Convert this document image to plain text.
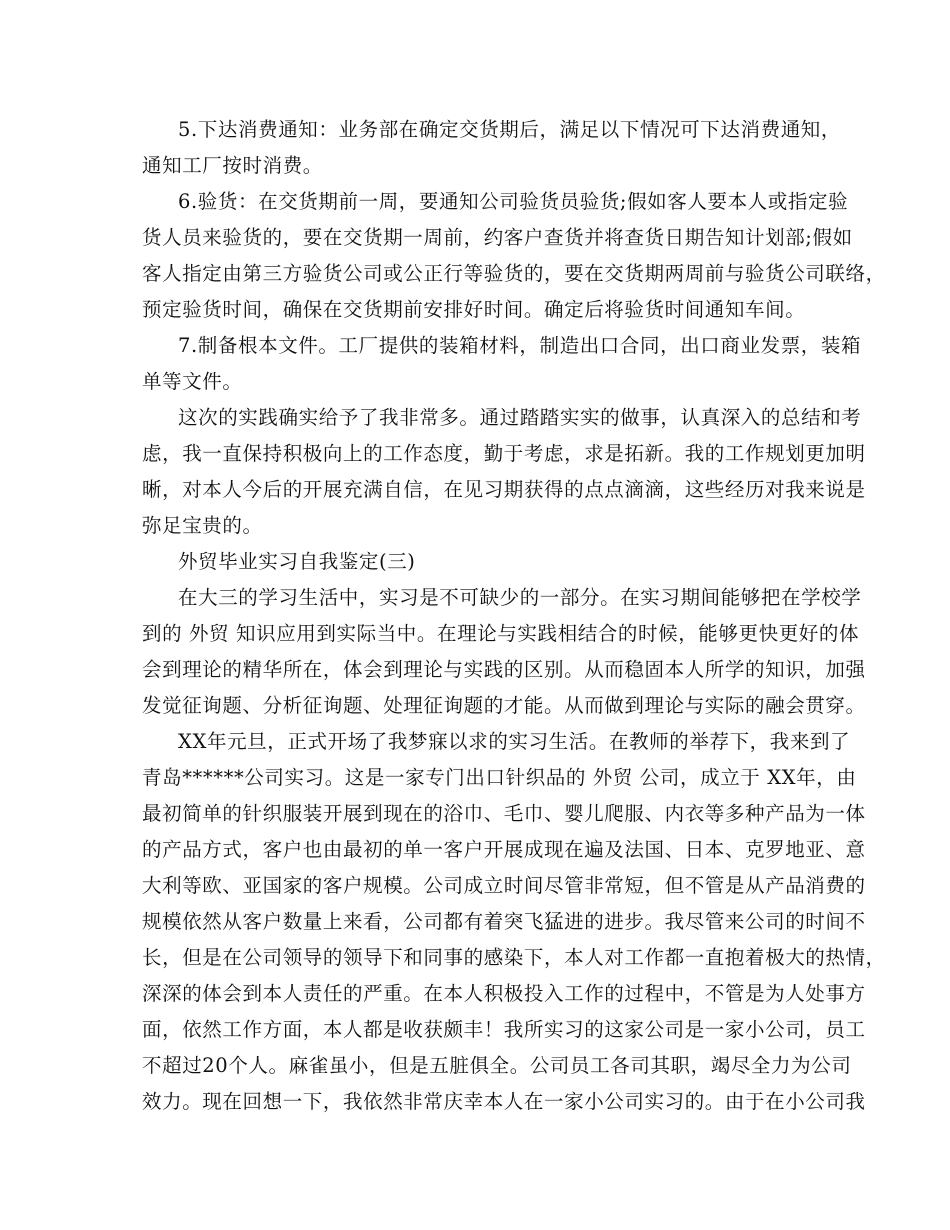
5.下达消费通知：业务部在确定交货期后，满足以下情况可下达消费通知，
通知工厂按时消费。
6.验货：在交货期前一周，要通知公司验货员验货;假如客人要本人或指定验
货人员来验货的，要在交货期一周前，约客户查货并将查货日期告知计划部;假如
客人指定由第三方验货公司或公正行等验货的，要在交货期两周前与验货公司联络，
预定验货时间，确保在交货期前安排好时间。确定后将验货时间通知车间。
7.制备根本文件。工厂提供的装箱材料，制造出口合同，出口商业发票，装箱
单等文件。
这次的实践确实给予了我非常多。通过踏踏实实的做事，认真深入的总结和考
虑，我一直保持积极向上的工作态度，勤于考虑，求是拓新。我的工作规划更加明
晰，对本人今后的开展充满自信，在见习期获得的点点滴滴，这些经历对我来说是
弥足宝贵的。
外贸毕业实习自我鉴定(三)
在大三的学习生活中，实习是不可缺少的一部分。在实习期间能够把在学校学
到的 外贸 知识应用到实际当中。在理论与实践相结合的时候，能够更快更好的体
会到理论的精华所在，体会到理论与实践的区别。从而稳固本人所学的知识，加强
发觉征询题、分析征询题、处理征询题的才能。从而做到理论与实际的融会贯穿。
XX年元旦，正式开场了我梦寐以求的实习生活。在教师的举荐下，我来到了
青岛******公司实习。这是一家专门出口针织品的 外贸 公司，成立于 XX年，由
最初简单的针织服装开展到现在的浴巾、毛巾、婴儿爬服、内衣等多种产品为一体
的产品方式，客户也由最初的单一客户开展成现在遍及法国、日本、克罗地亚、意
大利等欧、亚国家的客户规模。公司成立时间尽管非常短，但不管是从产品消费的
规模依然从客户数量上来看，公司都有着突飞猛进的进步。我尽管来公司的时间不
长，但是在公司领导的领导下和同事的感染下，本人对工作都一直抱着极大的热情，
深深的体会到本人责任的严重。在本人积极投入工作的过程中，不管是为人处事方
面，依然工作方面，本人都是收获颇丰！我所实习的这家公司是一家小公司，员工
不超过20个人。麻雀虽小，但是五脏俱全。公司员工各司其职，竭尽全力为公司
效力。现在回想一下，我依然非常庆幸本人在一家小公司实习的。由于在小公司我
